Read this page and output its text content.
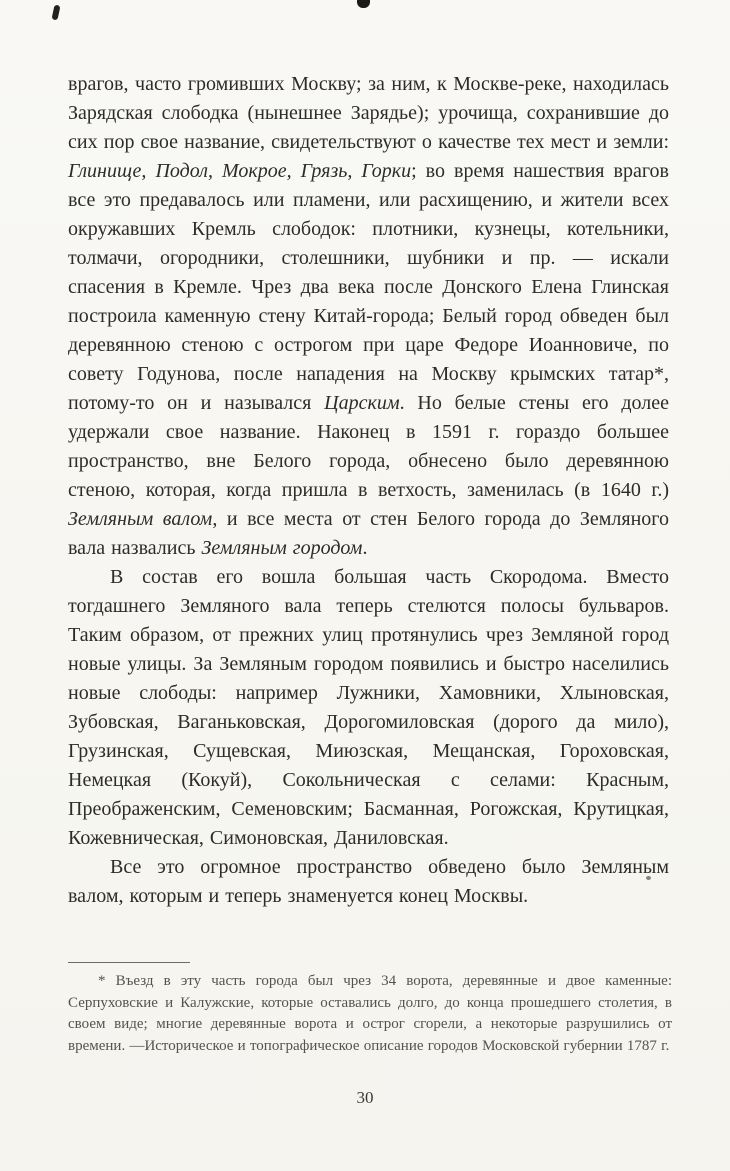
врагов, часто громивших Москву; за ним, к Москве-реке, находилась Зарядская слободка (нынешнее Зарядье); урочища, сохранившие до сих пор свое название, свидетельствуют о качестве тех мест и земли: Глинище, Подол, Мокрое, Грязь, Горки; во время нашествия врагов все это предавалось или пламени, или расхищению, и жители всех окружавших Кремль слободок: плотники, кузнецы, котельники, толмачи, огородники, столешники, шубники и пр. — искали спасения в Кремле. Чрез два века после Донского Елена Глинская построила каменную стену Китай-города; Белый город обведен был деревянною стеною с острогом при царе Федоре Иоанновиче, по совету Годунова, после нападения на Москву крымских татар*, потому-то он и назывался Царским. Но белые стены его долее удержали свое название. Наконец в 1591 г. гораздо большее пространство, вне Белого города, обнесено было деревянною стеною, которая, когда пришла в ветхость, заменилась (в 1640 г.) Земляным валом, и все места от стен Белого города до Земляного вала назвались Земляным городом.

В состав его вошла большая часть Скородома. Вместо тогдашнего Земляного вала теперь стелются полосы бульваров. Таким образом, от прежних улиц протянулись чрез Земляной город новые улицы. За Земляным городом появились и быстро населились новые слободы: например Лужники, Хамовники, Хлыновская, Зубовская, Ваганьковская, Дорогомиловская (дорого да мило), Грузинская, Сущевская, Миюзская, Мещанская, Гороховская, Немецкая (Кокуй), Сокольническая с селами: Красным, Преображенским, Семеновским; Басманная, Рогожская, Крутицкая, Кожевническая, Симоновская, Даниловская.

Все это огромное пространство обведено было Земляным валом, которым и теперь знаменуется конец Москвы.

* Въезд в эту часть города был чрез 34 ворота, деревянные и двое каменные: Серпуховские и Калужские, которые оставались долго, до конца прошедшего столетия, в своем виде; многие деревянные ворота и острог сгорели, а некоторые разрушились от времени. —Историческое и топографическое описание городов Московской губернии 1787 г.

30
